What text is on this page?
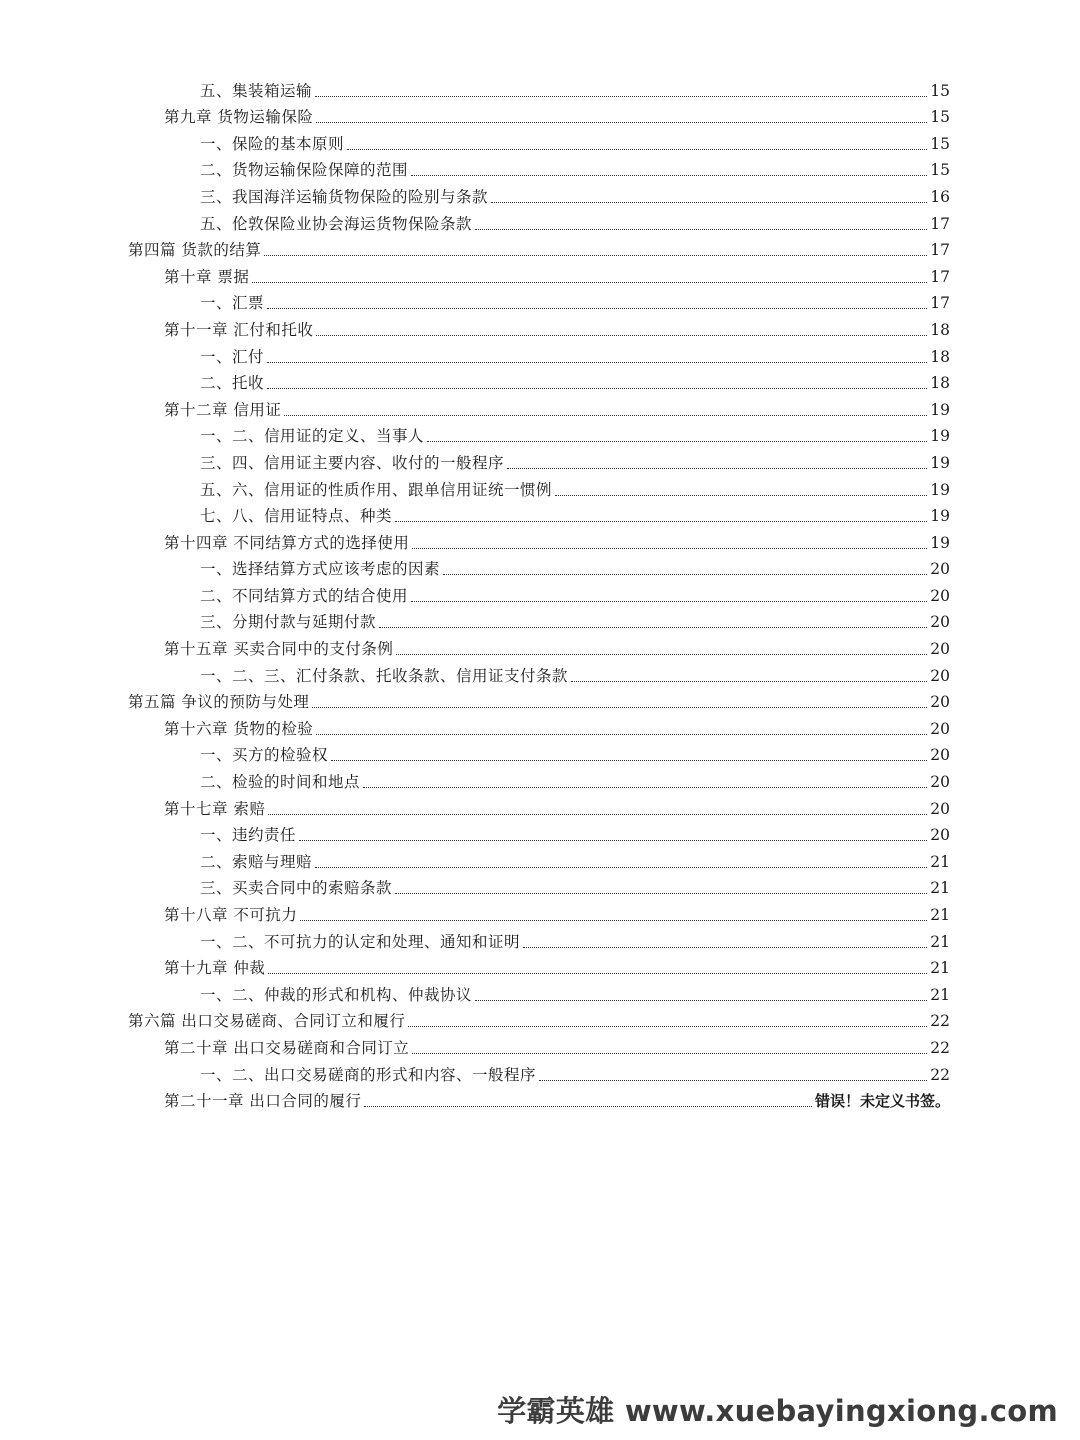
五、集装箱运输	15
第九章 货物运输保险	15
一、保险的基本原则	15
二、货物运输保险保障的范围	15
三、我国海洋运输货物保险的险别与条款	16
五、伦敦保险业协会海运货物保险条款	17
第四篇 货款的结算	17
第十章 票据	17
一、汇票	17
第十一章 汇付和托收	18
一、汇付	18
二、托收	18
第十二章 信用证	19
一、二、信用证的定义、当事人	19
三、四、信用证主要内容、收付的一般程序	19
五、六、信用证的性质作用、跟单信用证统一惯例	19
七、八、信用证特点、种类	19
第十四章 不同结算方式的选择使用	19
一、选择结算方式应该考虑的因素	20
二、不同结算方式的结合使用	20
三、分期付款与延期付款	20
第十五章 买卖合同中的支付条例	20
一、二、三、汇付条款、托收条款、信用证支付条款	20
第五篇 争议的预防与处理	20
第十六章 货物的检验	20
一、买方的检验权	20
二、检验的时间和地点	20
第十七章 索赔	20
一、违约责任	20
二、索赔与理赔	21
三、买卖合同中的索赔条款	21
第十八章 不可抗力	21
一、二、不可抗力的认定和处理、通知和证明	21
第十九章 仲裁	21
一、二、仲裁的形式和机构、仲裁协议	21
第六篇 出口交易磋商、合同订立和履行	22
第二十章 出口交易磋商和合同订立	22
一、二、出口交易磋商的形式和内容、一般程序	22
第二十一章 出口合同的履行	错误！未定义书签。
学霸英雄 www.xuebayingxiong.com
